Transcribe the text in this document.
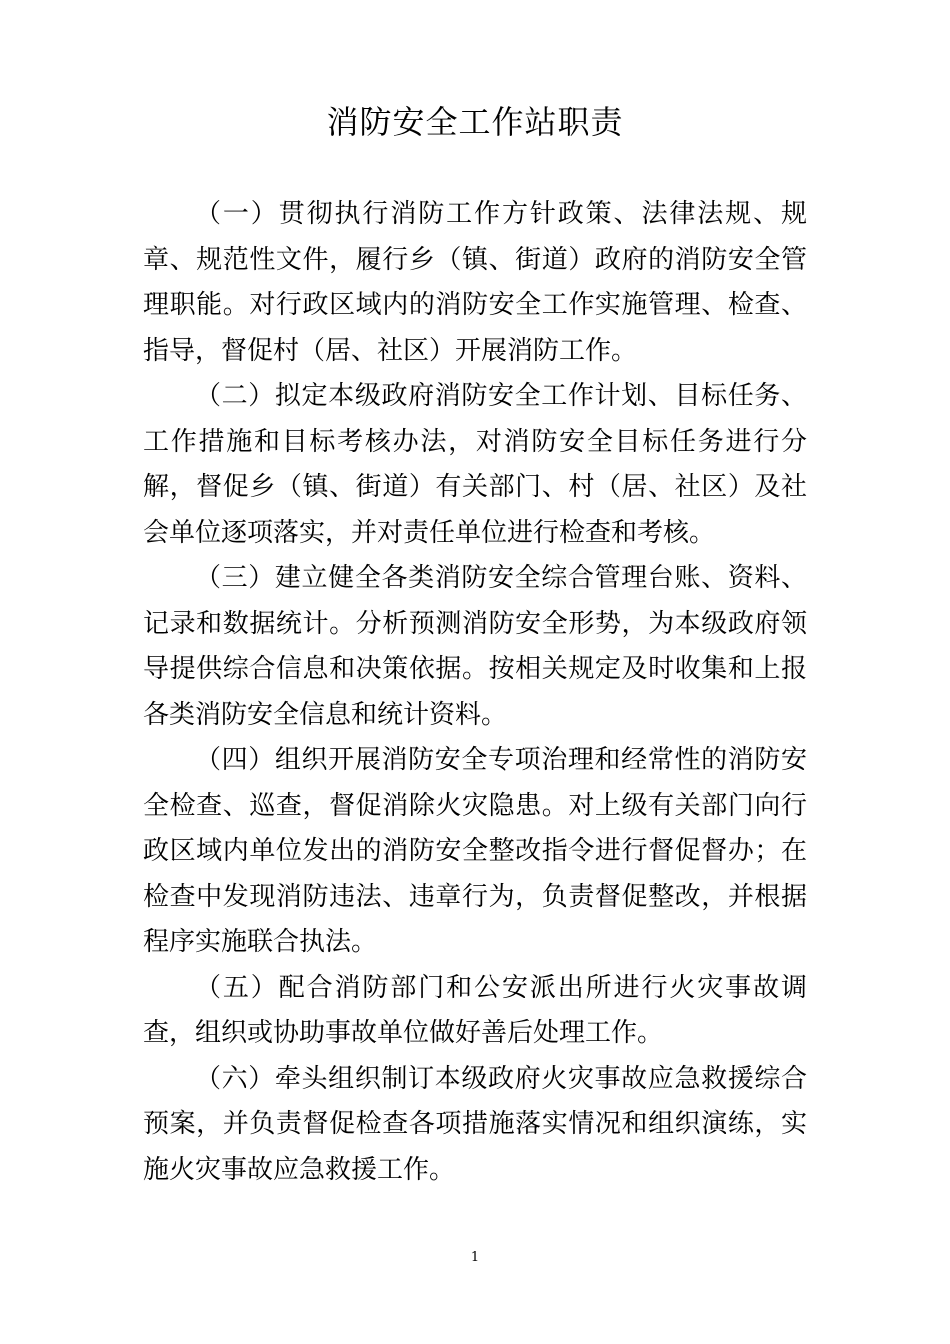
消防安全工作站职责

（一）贯彻执行消防工作方针政策、法律法规、规章、规范性文件，履行乡（镇、街道）政府的消防安全管理职能。对行政区域内的消防安全工作实施管理、检查、指导，督促村（居、社区）开展消防工作。

（二）拟定本级政府消防安全工作计划、目标任务、工作措施和目标考核办法，对消防安全目标任务进行分解，督促乡（镇、街道）有关部门、村（居、社区）及社会单位逐项落实，并对责任单位进行检查和考核。

（三）建立健全各类消防安全综合管理台账、资料、记录和数据统计。分析预测消防安全形势，为本级政府领导提供综合信息和决策依据。按相关规定及时收集和上报各类消防安全信息和统计资料。

（四）组织开展消防安全专项治理和经常性的消防安全检查、巡查，督促消除火灾隐患。对上级有关部门向行政区域内单位发出的消防安全整改指令进行督促督办；在检查中发现消防违法、违章行为，负责督促整改，并根据程序实施联合执法。

（五）配合消防部门和公安派出所进行火灾事故调查，组织或协助事故单位做好善后处理工作。

（六）牵头组织制订本级政府火灾事故应急救援综合预案，并负责督促检查各项措施落实情况和组织演练，实施火灾事故应急救援工作。

1
